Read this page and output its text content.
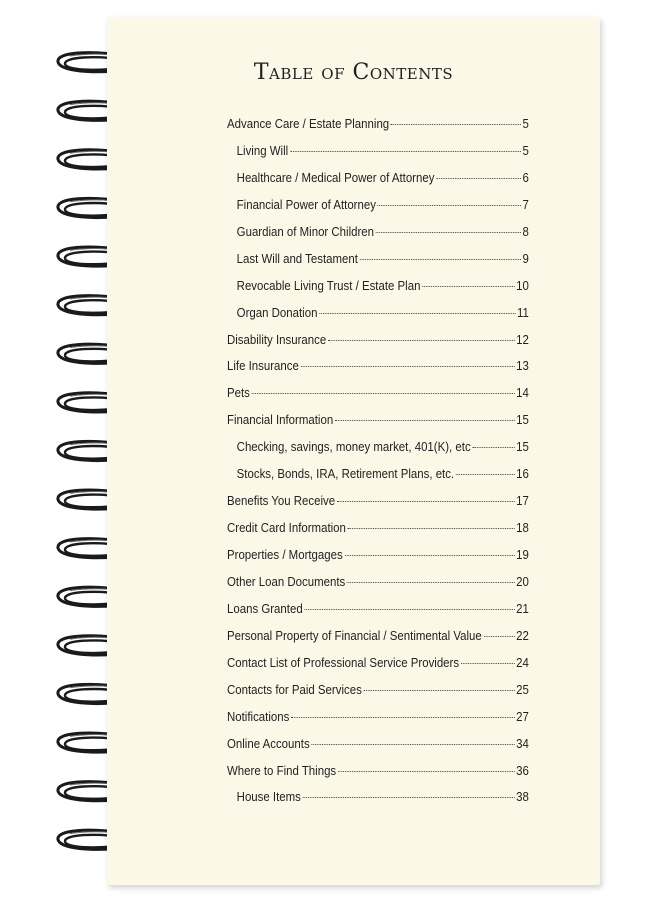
Table of Contents
Advance Care / Estate Planning	5
Living Will	5
Healthcare / Medical Power of Attorney	6
Financial Power of Attorney	7
Guardian of Minor Children	8
Last Will and Testament	9
Revocable Living Trust / Estate Plan	10
Organ Donation	11
Disability Insurance	12
Life Insurance	13
Pets	14
Financial Information	15
Checking, savings, money market, 401(K), etc	15
Stocks, Bonds, IRA, Retirement Plans, etc.	16
Benefits You Receive	17
Credit Card Information	18
Properties / Mortgages	19
Other Loan Documents	20
Loans Granted	21
Personal Property of Financial / Sentimental Value	22
Contact List of Professional Service Providers	24
Contacts for Paid Services	25
Notifications	27
Online Accounts	34
Where to Find Things	36
House Items	38
